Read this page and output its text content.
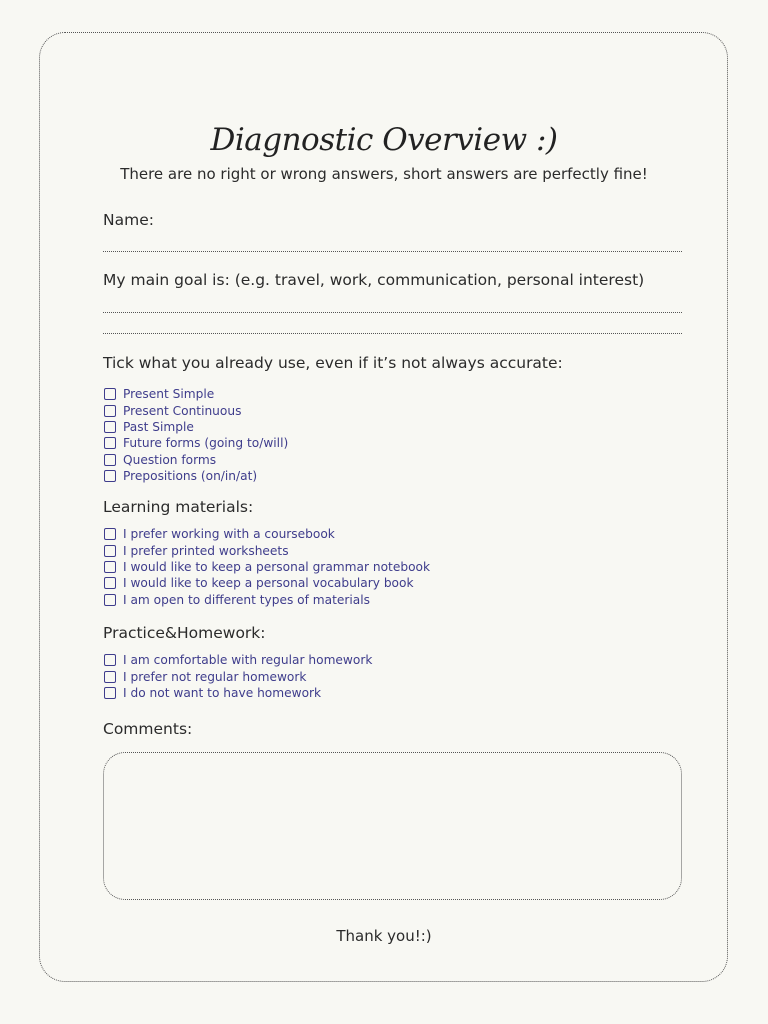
Diagnostic Overview :)
There are no right or wrong answers, short answers are perfectly fine!
Name:
My main goal is: (e.g. travel, work, communication, personal interest)
Tick what you already use, even if it’s not always accurate:
Present Simple
Present Continuous
Past Simple
Future forms (going to/will)
Question forms
Prepositions (on/in/at)
Learning materials:
I prefer working with a coursebook
I prefer printed worksheets
I would like to keep a personal grammar notebook
I would like to keep a personal vocabulary book
I am open to different types of materials
Practice&Homework:
I am comfortable with regular homework
I prefer not regular homework
I do not want to have homework
Comments:
Thank you!:)
